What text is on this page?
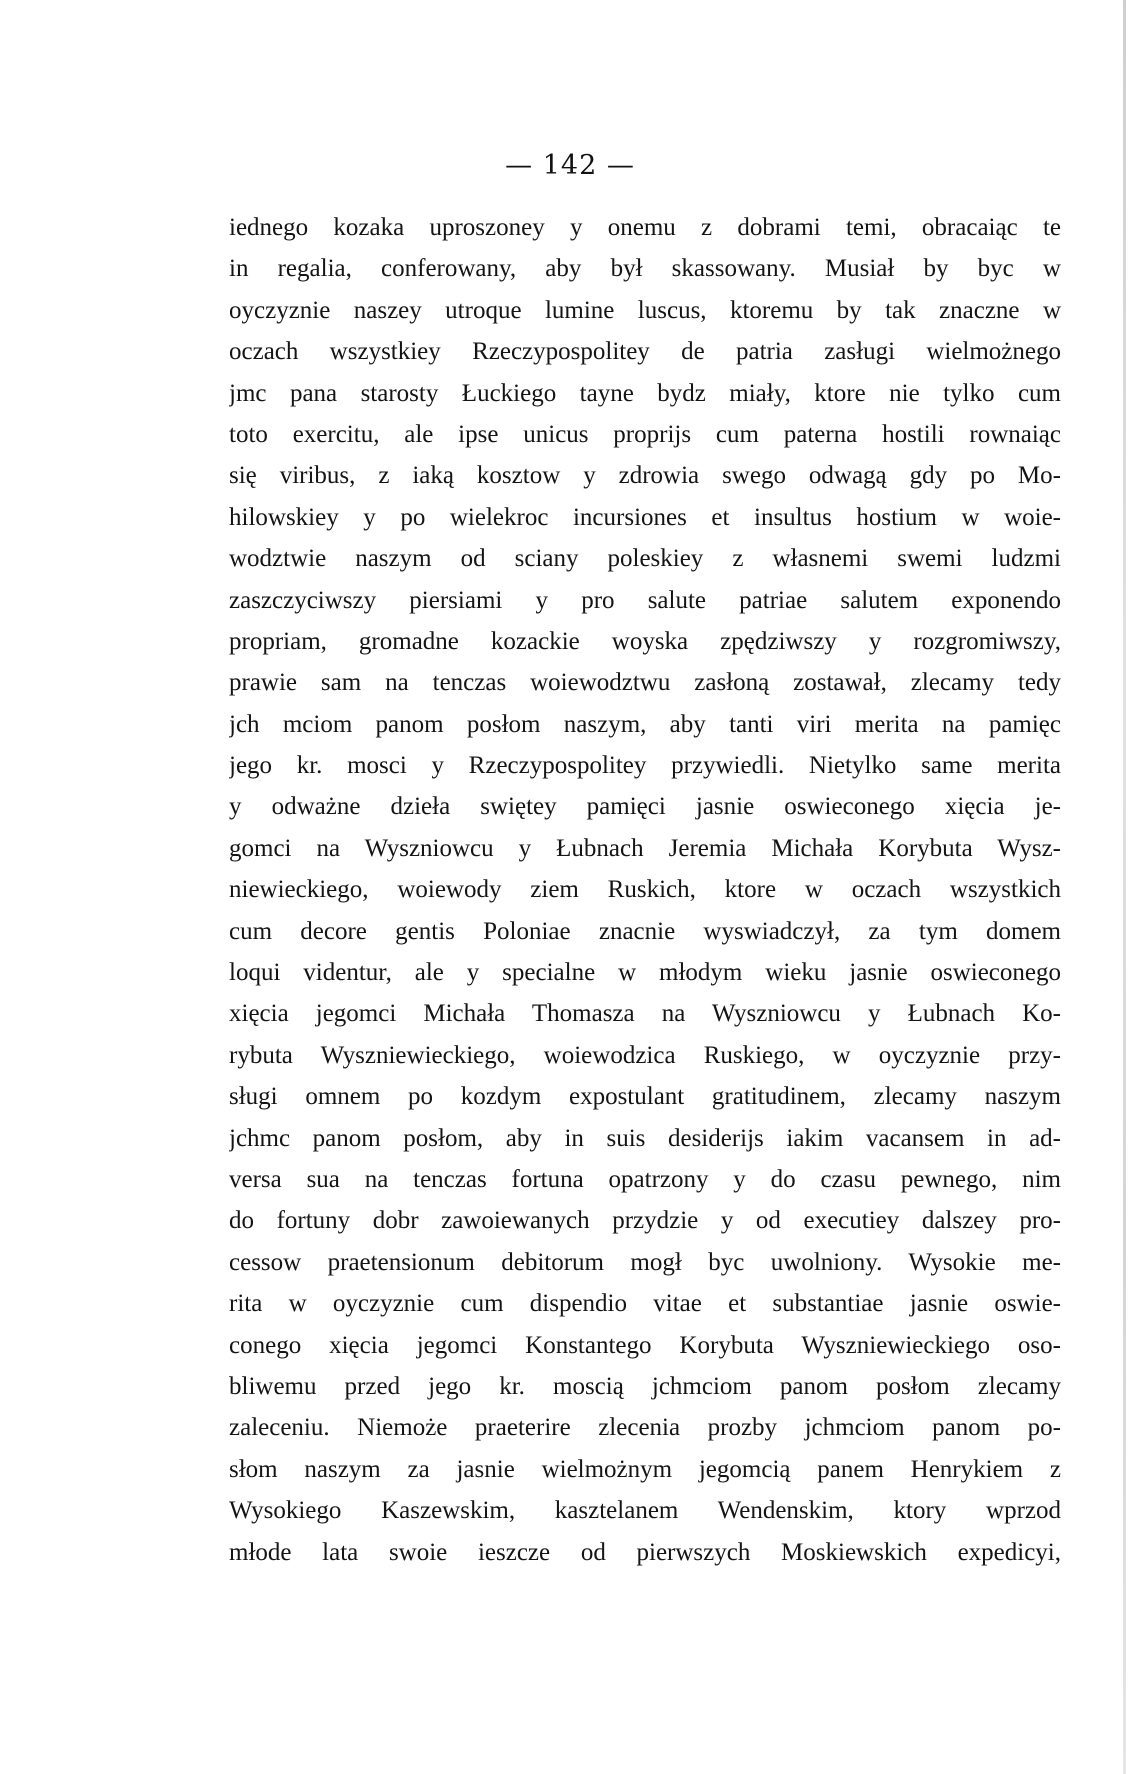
— 142 —
iednego kozaka uproszoney y onemu z dobrami temi, obracaiąc te
in regalia, conferowany, aby był skassowany. Musiał by byc w
oyczyznie naszey utroque lumine luscus, ktoremu by tak znaczne w
oczach wszystkiey Rzeczypospolitey de patria zasługi wielmożnego
jmc pana starosty Łuckiego tayne bydz miały, ktore nie tylko cum
toto exercitu, ale ipse unicus proprijs cum paterna hostili rownaiąc
się viribus, z iaką kosztow y zdrowia swego odwagą gdy po Mo-
hilowskiey y po wielekroc incursiones et insultus hostium w woie-
wodztwie naszym od sciany poleskiey z własnemi swemi ludzmi
zaszczyciwszy piersiami y pro salute patriae salutem exponendo
propriam, gromadne kozackie woyska zpędziwszy y rozgromiwszy,
prawie sam na tenczas woiewodztwu zasłoną zostawał, zlecamy tedy
jch mciom panom posłom naszym, aby tanti viri merita na pamięc
jego kr. mosci y Rzeczypospolitey przywiedli. Nietylko same merita
y odważne dzieła swiętey pamięci jasnie oswieconego xięcia je-
gomci na Wyszniowcu y Łubnach Jeremia Michała Korybuta Wysz-
niewieckiego, woiewody ziem Ruskich, ktore w oczach wszystkich
cum decore gentis Poloniae znacnie wyswiadczył, za tym domem
loqui videntur, ale y specialne w młodym wieku jasnie oswieconego
xięcia jegomci Michała Thomasza na Wyszniowcu y Łubnach Ko-
rybuta Wyszniewieckiego, woiewodzica Ruskiego, w oyczyznie przy-
sługi omnem po kozdym expostulant gratitudinem, zlecamy naszym
jchmc panom posłom, aby in suis desiderijs iakim vacansem in ad-
versa sua na tenczas fortuna opatrzony y do czasu pewnego, nim
do fortuny dobr zawoiewanych przydzie y od executiey dalszey pro-
cessow praetensionum debitorum mogł byc uwolniony. Wysokie me-
rita w oyczyznie cum dispendio vitae et substantiae jasnie oswie-
conego xięcia jegomci Konstantego Korybuta Wyszniewieckiego oso-
bliwemu przed jego kr. moscią jchmciom panom posłom zlecamy
zaleceniu. Niemoże praeterire zlecenia prozby jchmciom panom po-
słom naszym za jasnie wielmożnym jegomcią panem Henrykiem z
Wysokiego Kaszewskim, kasztelanem Wendenskim, ktory wprzod
młode lata swoie ieszcze od pierwszych Moskiewskich expedicyi,
